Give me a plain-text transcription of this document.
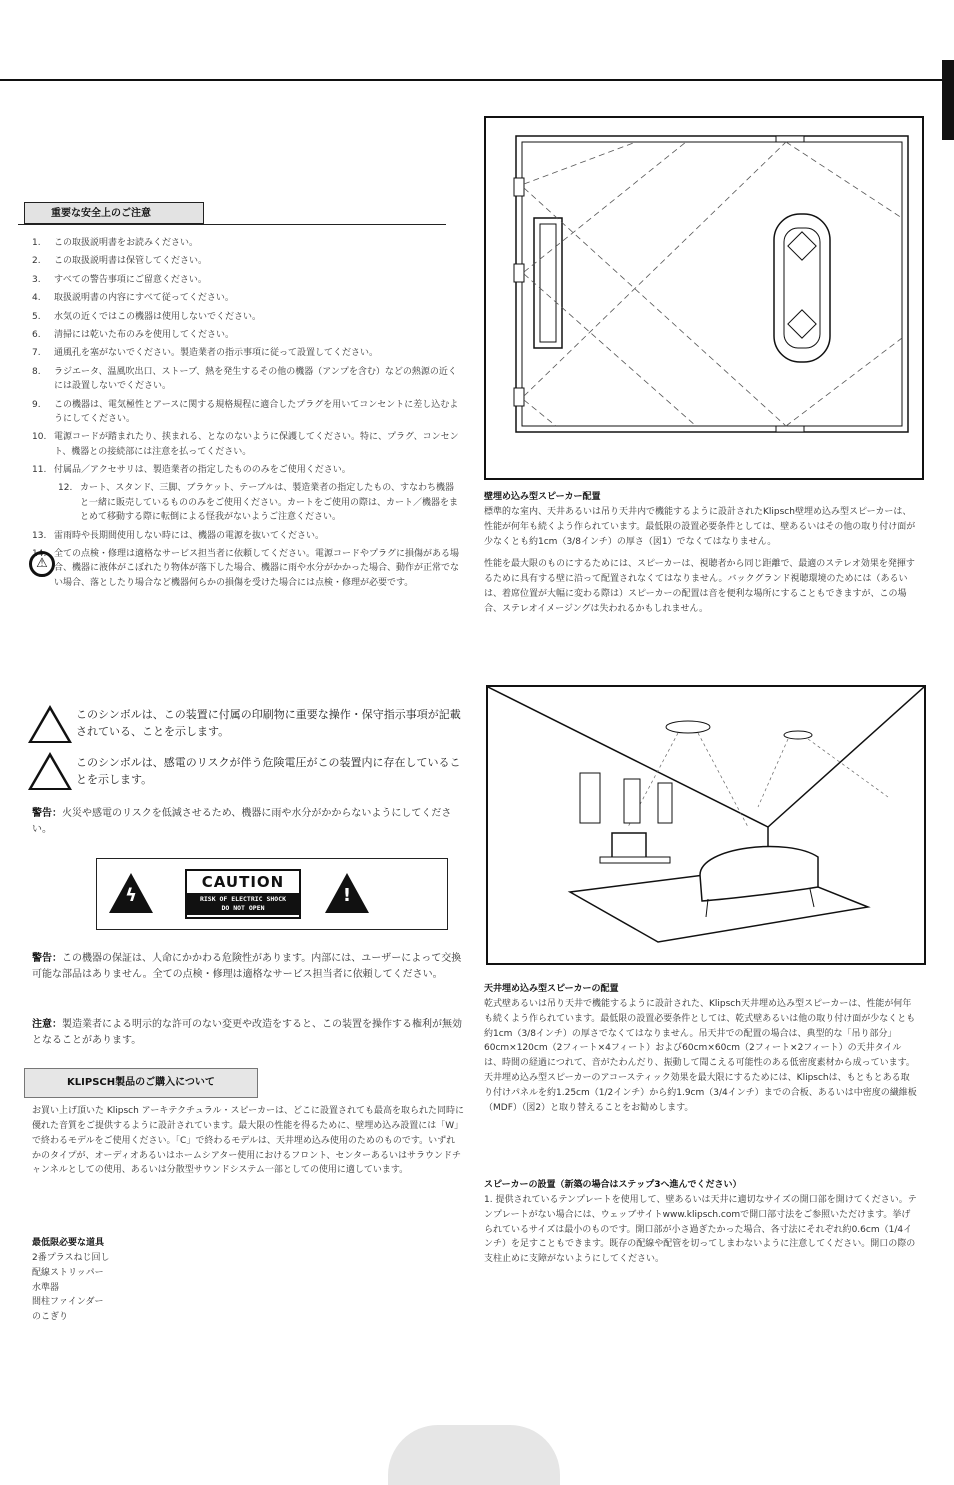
重要な安全上のご注意
1.	この取扱説明書をお読みください。
2.	この取扱説明書は保管してください。
3.	すべての警告事項にご留意ください。
4.	取扱説明書の内容にすべて従ってください。
5.	水気の近くではこの機器は使用しないでください。
6.	清掃には乾いた布のみを使用してください。
7.	通風孔を塞がないでください。製造業者の指示事項に従って設置してください。
8.	ラジエータ、温風吹出口、ストーブ、熱を発生するその他の機器（アンプを含む）などの熱源の近くには設置しないでください。
9.	この機器は、電気極性とアースに関する規格規程に適合したプラグを用いてコンセントに差し込むようにしてください。
10. 電源コードが踏まれたり、挟まれる、となのないように保護してください。特に、プラグ、コンセント、機器との接続部には注意を払ってください。
11. 付属品／アクセサリは、製造業者の指定したもののみをご使用ください。
12. カート、スタンド、三脚、ブラケット、テーブルは、製造業者の指定したもの、すなわち機器と一緒に販売しているもののみをご使用ください。カートをご使用の際は、カート／機器をまとめて移動する際に転倒による怪我がないようご注意ください。
13. 雷雨時や長期間使用しない時には、機器の電源を抜いてください。
14. 全ての点検・修理は適格なサービス担当者に依頼してください。電源コードやプラグに損傷がある場合、機器に液体がこぼれたり物体が落下した場合、機器に雨や水分がかかった場合、動作が正常でない場合、落としたり場合など機器何らかの損傷を受けた場合には点検・修理が必要です。
⚠
このシンボルは、この装置に付属の印刷物に重要な操作・保守指示事項が記載されている、ことを示します。
このシンボルは、感電のリスクが伴う危険電圧がこの装置内に存在していることを示します。
警告：火災や感電のリスクを低減させるため、機器に雨や水分がかからないようにしてください。
ϟ
CAUTION
RISK OF ELECTRIC SHOCK
DO NOT OPEN
!
警告：この機器の保証は、人命にかかわる危険性があります。内部には、ユーザーによって交換可能な部品はありません。全ての点検・修理は適格なサービス担当者に依頼してください。
注意：製造業者による明示的な許可のない変更や改造をすると、この装置を操作する権利が無効となることがあります。
KLIPSCH製品のご購入について
お買い上げ頂いた Klipsch アーキテクチュラル・スピーカーは、どこに設置されても最高を取られた同時に優れた音質をご提供するように設計されています。最大限の性能を得るために、壁埋め込み設置には「W」で終わるモデルをご使用ください。「C」で終わるモデルは、天井埋め込み使用のためのものです。いずれかのタイプが、オーディオあるいはホームシアター使用におけるフロント、センターあるいはサラウンドチャンネルとしての使用、あるいは分散型サウンドシステム一部としての使用に適しています。
最低限必要な道具
2番プラスねじ回し
配線ストリッパー
水準器
間柱ファインダー
のこぎり
壁埋め込み型スピーカー配置
標準的な室内、天井あるいは吊り天井内で機能するように設計されたKlipsch壁埋め込み型スピーカーは、性能が何年も続くよう作られています。最低限の設置必要条件としては、壁あるいはその他の取り付け面が少なくとも約1cm（3/8インチ）の厚さ（図1）でなくてはなりません。
性能を最大限のものにするためには、スピーカーは、視聴者から同じ距離で、最適のステレオ効果を発揮するために具有する壁に沿って配置されなくてはなりません。バックグランド視聴環境のためには（あるいは、着席位置が大幅に変わる際は）スピーカーの配置は音を便利な場所にすることもできますが、この場合、ステレオイメージングは失われるかもしれません。
天井埋め込み型スピーカーの配置
乾式壁あるいは吊り天井で機能するように設計された、Klipsch天井埋め込み型スピーカーは、性能が何年も続くよう作られています。最低限の設置必要条件としては、乾式壁あるいは他の取り付け面が少なくとも約1cm（3/8インチ）の厚さでなくてはなりません。吊天井での配置の場合は、典型的な「吊り部分」60cm×120cm（2フィート×4フィート）および60cm×60cm（2フィート×2フィート）の天井タイルは、時間の経過につれて、音がたわんだり、振動して聞こえる可能性のある低密度素材から成っています。天井埋め込み型スピーカーのアコースティック効果を最大限にするためには、Klipschは、もともとある取り付けパネルを約1.25cm（1/2インチ）から約1.9cm（3/4インチ）までの合板、あるいは中密度の繊維板（MDF）（図2）と取り替えることをお勧めします。
スピーカーの設置（新築の場合はステップ3へ進んでください）
1. 提供されているテンプレートを使用して、壁あるいは天井に適切なサイズの開口部を開けてください。テンプレートがない場合には、ウェッブサイトwww.klipsch.comで開口部寸法をご参照いただけます。挙げられているサイズは最小のものです。開口部が小さ過ぎたかった場合、各寸法にそれぞれ約0.6cm（1/4インチ）を足すこともできます。既存の配線や配管を切ってしまわないように注意してください。開口の際の支柱止めに支障がないようにしてください。
